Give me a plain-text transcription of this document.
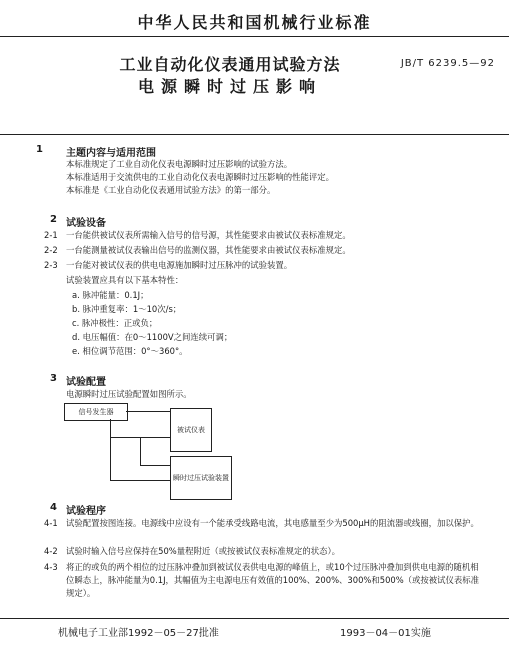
中华人民共和国机械行业标准
工业自动化仪表通用试验方法
电源瞬时过压影响
JB/T 6239.5—92
1 主题内容与适用范围
本标准规定了工业自动化仪表电源瞬时过压影响的试验方法。
本标准适用于交流供电的工业自动化仪表电源瞬时过压影响的性能评定。
本标准是《工业自动化仪表通用试验方法》的第一部分。
2 试验设备
2-1 一台能供被试仪表所需输入信号的信号源，其性能要求由被试仪表标准规定。
2-2 一台能测量被试仪表输出信号的监测仪器，其性能要求由被试仪表标准规定。
2-3 一台能对被试仪表的供电电源施加瞬时过压脉冲的试验装置。
试验装置应具有以下基本特性：
a. 脉冲能量：0.1J；
b. 脉冲重复率：1～10次/s；
c. 脉冲极性：正或负；
d. 电压幅值：在0～1100V之间连续可调；
e. 相位调节范围：0°～360°。
3 试验配置
电源瞬时过压试验配置如图所示。
信号发生器
被试仪表
瞬时过压试验装置
4 试验程序
4-1 试验配置按图连接。电源线中应设有一个能承受线路电流，其电感量至少为500μH的阻流器或线圈，加以保护。
4-2 试验时输入信号应保持在50%量程附近（或按被试仪表标准规定的状态）。
4-3 将正的或负的两个相位的过压脉冲叠加到被试仪表供电电源的峰值上，或10个过压脉冲叠加到供电电源的随机相位瞬态上，脉冲能量为0.1J，其幅值为主电源电压有效值的100%、200%、300%和500%（或按被试仪表标准规定）。
机械电子工业部1992－05－27批准	1993－04－01实施
